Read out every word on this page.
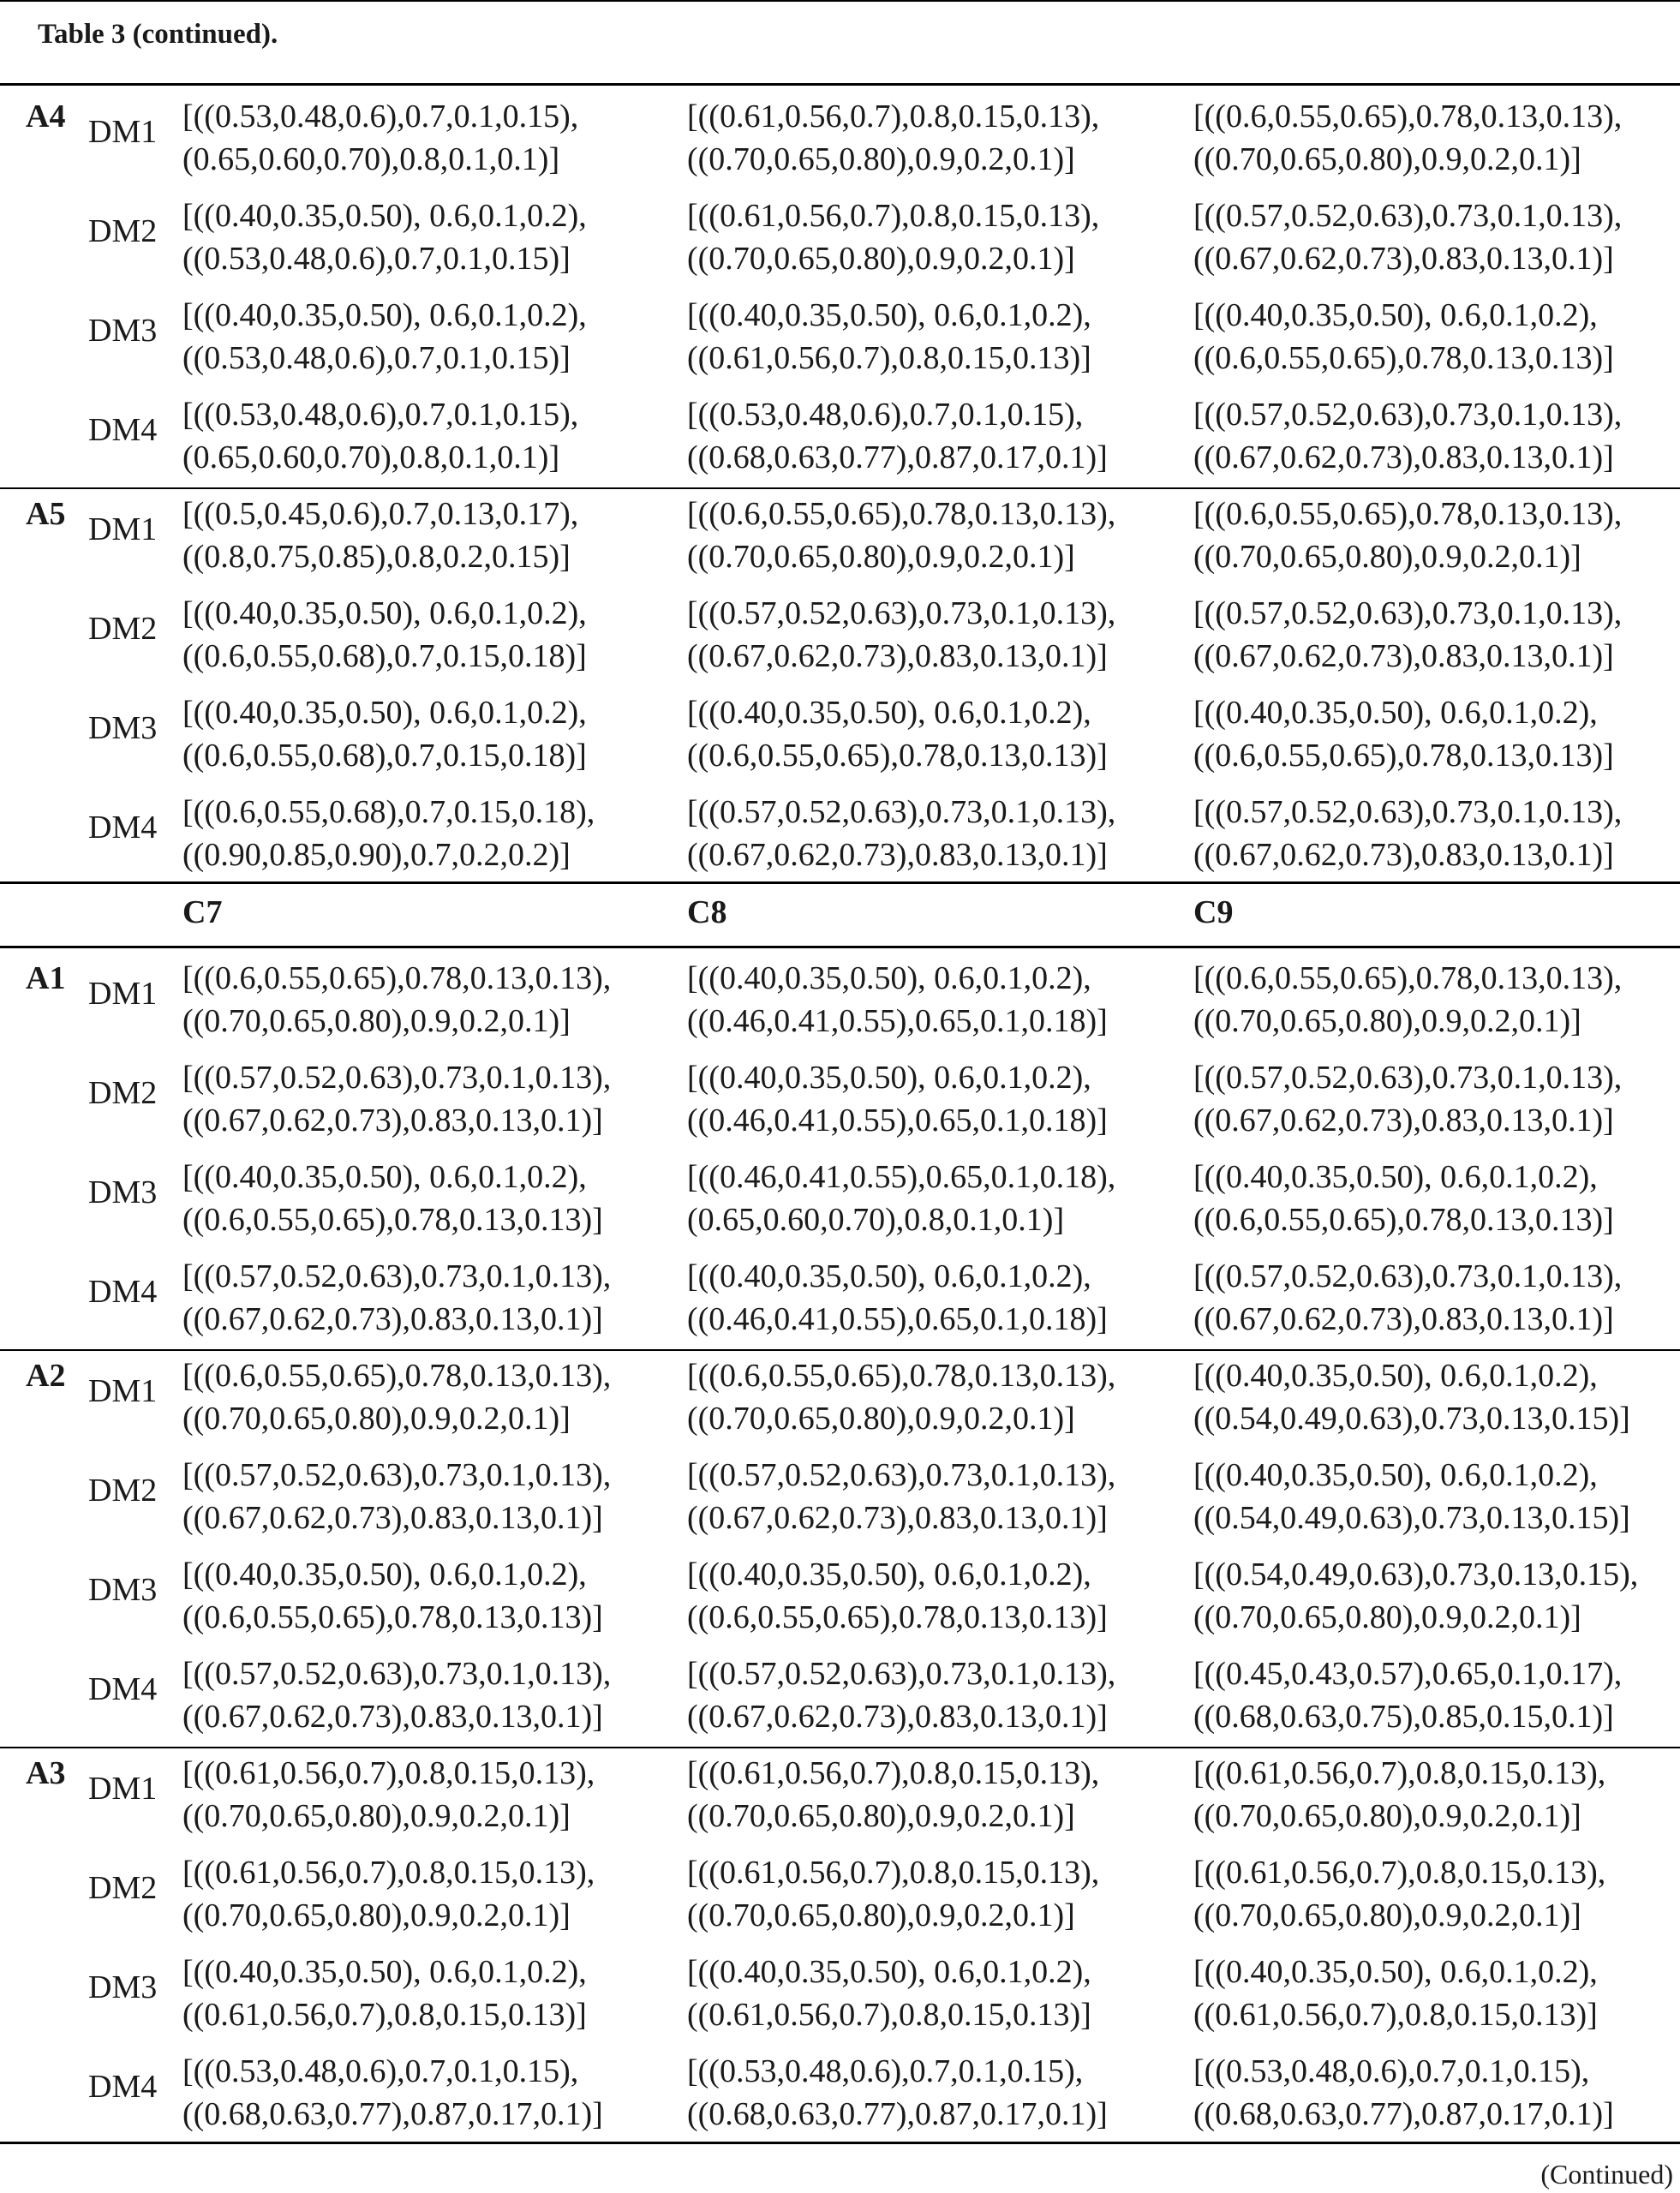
Table 3 (continued).
A4 DM1 [((0.53,0.48,0.6),0.7,0.1,0.15),
(0.65,0.60,0.70),0.8,0.1,0.1)]
[((0.61,0.56,0.7),0.8,0.15,0.13),
((0.70,0.65,0.80),0.9,0.2,0.1)]
[((0.6,0.55,0.65),0.78,0.13,0.13),
((0.70,0.65,0.80),0.9,0.2,0.1)]
DM2 [((0.40,0.35,0.50), 0.6,0.1,0.2),
((0.53,0.48,0.6),0.7,0.1,0.15)]
[((0.61,0.56,0.7),0.8,0.15,0.13),
((0.70,0.65,0.80),0.9,0.2,0.1)]
[((0.57,0.52,0.63),0.73,0.1,0.13),
((0.67,0.62,0.73),0.83,0.13,0.1)]
DM3 [((0.40,0.35,0.50), 0.6,0.1,0.2),
((0.53,0.48,0.6),0.7,0.1,0.15)]
[((0.40,0.35,0.50), 0.6,0.1,0.2),
((0.61,0.56,0.7),0.8,0.15,0.13)]
[((0.40,0.35,0.50), 0.6,0.1,0.2),
((0.6,0.55,0.65),0.78,0.13,0.13)]
DM4 [((0.53,0.48,0.6),0.7,0.1,0.15),
(0.65,0.60,0.70),0.8,0.1,0.1)]
[((0.53,0.48,0.6),0.7,0.1,0.15),
((0.68,0.63,0.77),0.87,0.17,0.1)]
[((0.57,0.52,0.63),0.73,0.1,0.13),
((0.67,0.62,0.73),0.83,0.13,0.1)]
A5 DM1 [((0.5,0.45,0.6),0.7,0.13,0.17),
((0.8,0.75,0.85),0.8,0.2,0.15)]
[((0.6,0.55,0.65),0.78,0.13,0.13),
((0.70,0.65,0.80),0.9,0.2,0.1)]
[((0.6,0.55,0.65),0.78,0.13,0.13),
((0.70,0.65,0.80),0.9,0.2,0.1)]
DM2 [((0.40,0.35,0.50), 0.6,0.1,0.2),
((0.6,0.55,0.68),0.7,0.15,0.18)]
[((0.57,0.52,0.63),0.73,0.1,0.13),
((0.67,0.62,0.73),0.83,0.13,0.1)]
[((0.57,0.52,0.63),0.73,0.1,0.13),
((0.67,0.62,0.73),0.83,0.13,0.1)]
DM3 [((0.40,0.35,0.50), 0.6,0.1,0.2),
((0.6,0.55,0.68),0.7,0.15,0.18)]
[((0.40,0.35,0.50), 0.6,0.1,0.2),
((0.6,0.55,0.65),0.78,0.13,0.13)]
[((0.40,0.35,0.50), 0.6,0.1,0.2),
((0.6,0.55,0.65),0.78,0.13,0.13)]
DM4 [((0.6,0.55,0.68),0.7,0.15,0.18),
((0.90,0.85,0.90),0.7,0.2,0.2)]
[((0.57,0.52,0.63),0.73,0.1,0.13),
((0.67,0.62,0.73),0.83,0.13,0.1)]
[((0.57,0.52,0.63),0.73,0.1,0.13),
((0.67,0.62,0.73),0.83,0.13,0.1)]
C7	C8	C9
A1 DM1 [((0.6,0.55,0.65),0.78,0.13,0.13),
((0.70,0.65,0.80),0.9,0.2,0.1)]
[((0.40,0.35,0.50), 0.6,0.1,0.2),
((0.46,0.41,0.55),0.65,0.1,0.18)]
[((0.6,0.55,0.65),0.78,0.13,0.13),
((0.70,0.65,0.80),0.9,0.2,0.1)]
DM2 [((0.57,0.52,0.63),0.73,0.1,0.13),
((0.67,0.62,0.73),0.83,0.13,0.1)]
[((0.40,0.35,0.50), 0.6,0.1,0.2),
((0.46,0.41,0.55),0.65,0.1,0.18)]
[((0.57,0.52,0.63),0.73,0.1,0.13),
((0.67,0.62,0.73),0.83,0.13,0.1)]
DM3 [((0.40,0.35,0.50), 0.6,0.1,0.2),
((0.6,0.55,0.65),0.78,0.13,0.13)]
[((0.46,0.41,0.55),0.65,0.1,0.18),
(0.65,0.60,0.70),0.8,0.1,0.1)]
[((0.40,0.35,0.50), 0.6,0.1,0.2),
((0.6,0.55,0.65),0.78,0.13,0.13)]
DM4 [((0.57,0.52,0.63),0.73,0.1,0.13),
((0.67,0.62,0.73),0.83,0.13,0.1)]
[((0.40,0.35,0.50), 0.6,0.1,0.2),
((0.46,0.41,0.55),0.65,0.1,0.18)]
[((0.57,0.52,0.63),0.73,0.1,0.13),
((0.67,0.62,0.73),0.83,0.13,0.1)]
A2 DM1 [((0.6,0.55,0.65),0.78,0.13,0.13),
((0.70,0.65,0.80),0.9,0.2,0.1)]
[((0.6,0.55,0.65),0.78,0.13,0.13),
((0.70,0.65,0.80),0.9,0.2,0.1)]
[((0.40,0.35,0.50), 0.6,0.1,0.2),
((0.54,0.49,0.63),0.73,0.13,0.15)]
DM2 [((0.57,0.52,0.63),0.73,0.1,0.13),
((0.67,0.62,0.73),0.83,0.13,0.1)]
[((0.57,0.52,0.63),0.73,0.1,0.13),
((0.67,0.62,0.73),0.83,0.13,0.1)]
[((0.40,0.35,0.50), 0.6,0.1,0.2),
((0.54,0.49,0.63),0.73,0.13,0.15)]
DM3 [((0.40,0.35,0.50), 0.6,0.1,0.2),
((0.6,0.55,0.65),0.78,0.13,0.13)]
[((0.40,0.35,0.50), 0.6,0.1,0.2),
((0.6,0.55,0.65),0.78,0.13,0.13)]
[((0.54,0.49,0.63),0.73,0.13,0.15),
((0.70,0.65,0.80),0.9,0.2,0.1)]
DM4 [((0.57,0.52,0.63),0.73,0.1,0.13),
((0.67,0.62,0.73),0.83,0.13,0.1)]
[((0.57,0.52,0.63),0.73,0.1,0.13),
((0.67,0.62,0.73),0.83,0.13,0.1)]
[((0.45,0.43,0.57),0.65,0.1,0.17),
((0.68,0.63,0.75),0.85,0.15,0.1)]
A3 DM1 [((0.61,0.56,0.7),0.8,0.15,0.13),
((0.70,0.65,0.80),0.9,0.2,0.1)]
[((0.61,0.56,0.7),0.8,0.15,0.13),
((0.70,0.65,0.80),0.9,0.2,0.1)]
[((0.61,0.56,0.7),0.8,0.15,0.13),
((0.70,0.65,0.80),0.9,0.2,0.1)]
DM2 [((0.61,0.56,0.7),0.8,0.15,0.13),
((0.70,0.65,0.80),0.9,0.2,0.1)]
[((0.61,0.56,0.7),0.8,0.15,0.13),
((0.70,0.65,0.80),0.9,0.2,0.1)]
[((0.61,0.56,0.7),0.8,0.15,0.13),
((0.70,0.65,0.80),0.9,0.2,0.1)]
DM3 [((0.40,0.35,0.50), 0.6,0.1,0.2),
((0.61,0.56,0.7),0.8,0.15,0.13)]
[((0.40,0.35,0.50), 0.6,0.1,0.2),
((0.61,0.56,0.7),0.8,0.15,0.13)]
[((0.40,0.35,0.50), 0.6,0.1,0.2),
((0.61,0.56,0.7),0.8,0.15,0.13)]
DM4 [((0.53,0.48,0.6),0.7,0.1,0.15),
((0.68,0.63,0.77),0.87,0.17,0.1)]
[((0.53,0.48,0.6),0.7,0.1,0.15),
((0.68,0.63,0.77),0.87,0.17,0.1)]
[((0.53,0.48,0.6),0.7,0.1,0.15),
((0.68,0.63,0.77),0.87,0.17,0.1)]
(Continued)
